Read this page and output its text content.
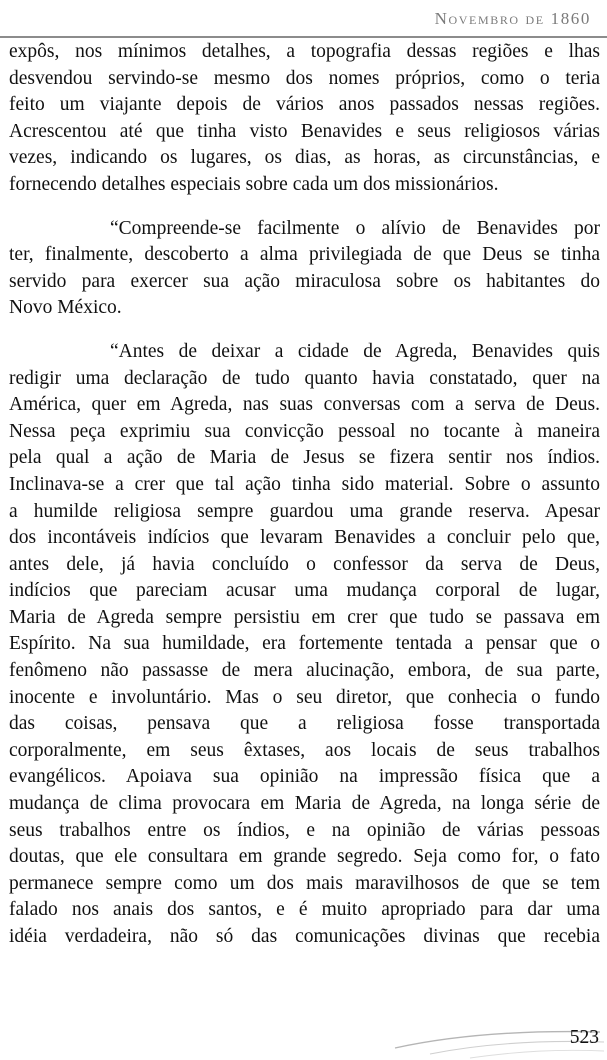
Novembro de 1860

expôs, nos mínimos detalhes, a topografia dessas regiões e lhas
desvendou servindo-se mesmo dos nomes próprios, como o teria
feito um viajante depois de vários anos passados nessas regiões.
Acrescentou até que tinha visto Benavides e seus religiosos várias
vezes, indicando os lugares, os dias, as horas, as circunstâncias, e
fornecendo detalhes especiais sobre cada um dos missionários.

“Compreende-se facilmente o alívio de Benavides por
ter, finalmente, descoberto a alma privilegiada de que Deus se tinha
servido para exercer sua ação miraculosa sobre os habitantes do
Novo México.

“Antes de deixar a cidade de Agreda, Benavides quis
redigir uma declaração de tudo quanto havia constatado, quer na
América, quer em Agreda, nas suas conversas com a serva de Deus.
Nessa peça exprimiu sua convicção pessoal no tocante à maneira
pela qual a ação de Maria de Jesus se fizera sentir nos índios.
Inclinava-se a crer que tal ação tinha sido material. Sobre o assunto
a humilde religiosa sempre guardou uma grande reserva. Apesar
dos incontáveis indícios que levaram Benavides a concluir pelo que,
antes dele, já havia concluído o confessor da serva de Deus,
indícios que pareciam acusar uma mudança corporal de lugar,
Maria de Agreda sempre persistiu em crer que tudo se passava em
Espírito. Na sua humildade, era fortemente tentada a pensar que o
fenômeno não passasse de mera alucinação, embora, de sua parte,
inocente e involuntário. Mas o seu diretor, que conhecia o fundo
das coisas, pensava que a religiosa fosse transportada
corporalmente, em seus êxtases, aos locais de seus trabalhos
evangélicos. Apoiava sua opinião na impressão física que a
mudança de clima provocara em Maria de Agreda, na longa série de
seus trabalhos entre os índios, e na opinião de várias pessoas
doutas, que ele consultara em grande segredo. Seja como for, o fato
permanece sempre como um dos mais maravilhosos de que se tem
falado nos anais dos santos, e é muito apropriado para dar uma
idéia verdadeira, não só das comunicações divinas que recebia

523
